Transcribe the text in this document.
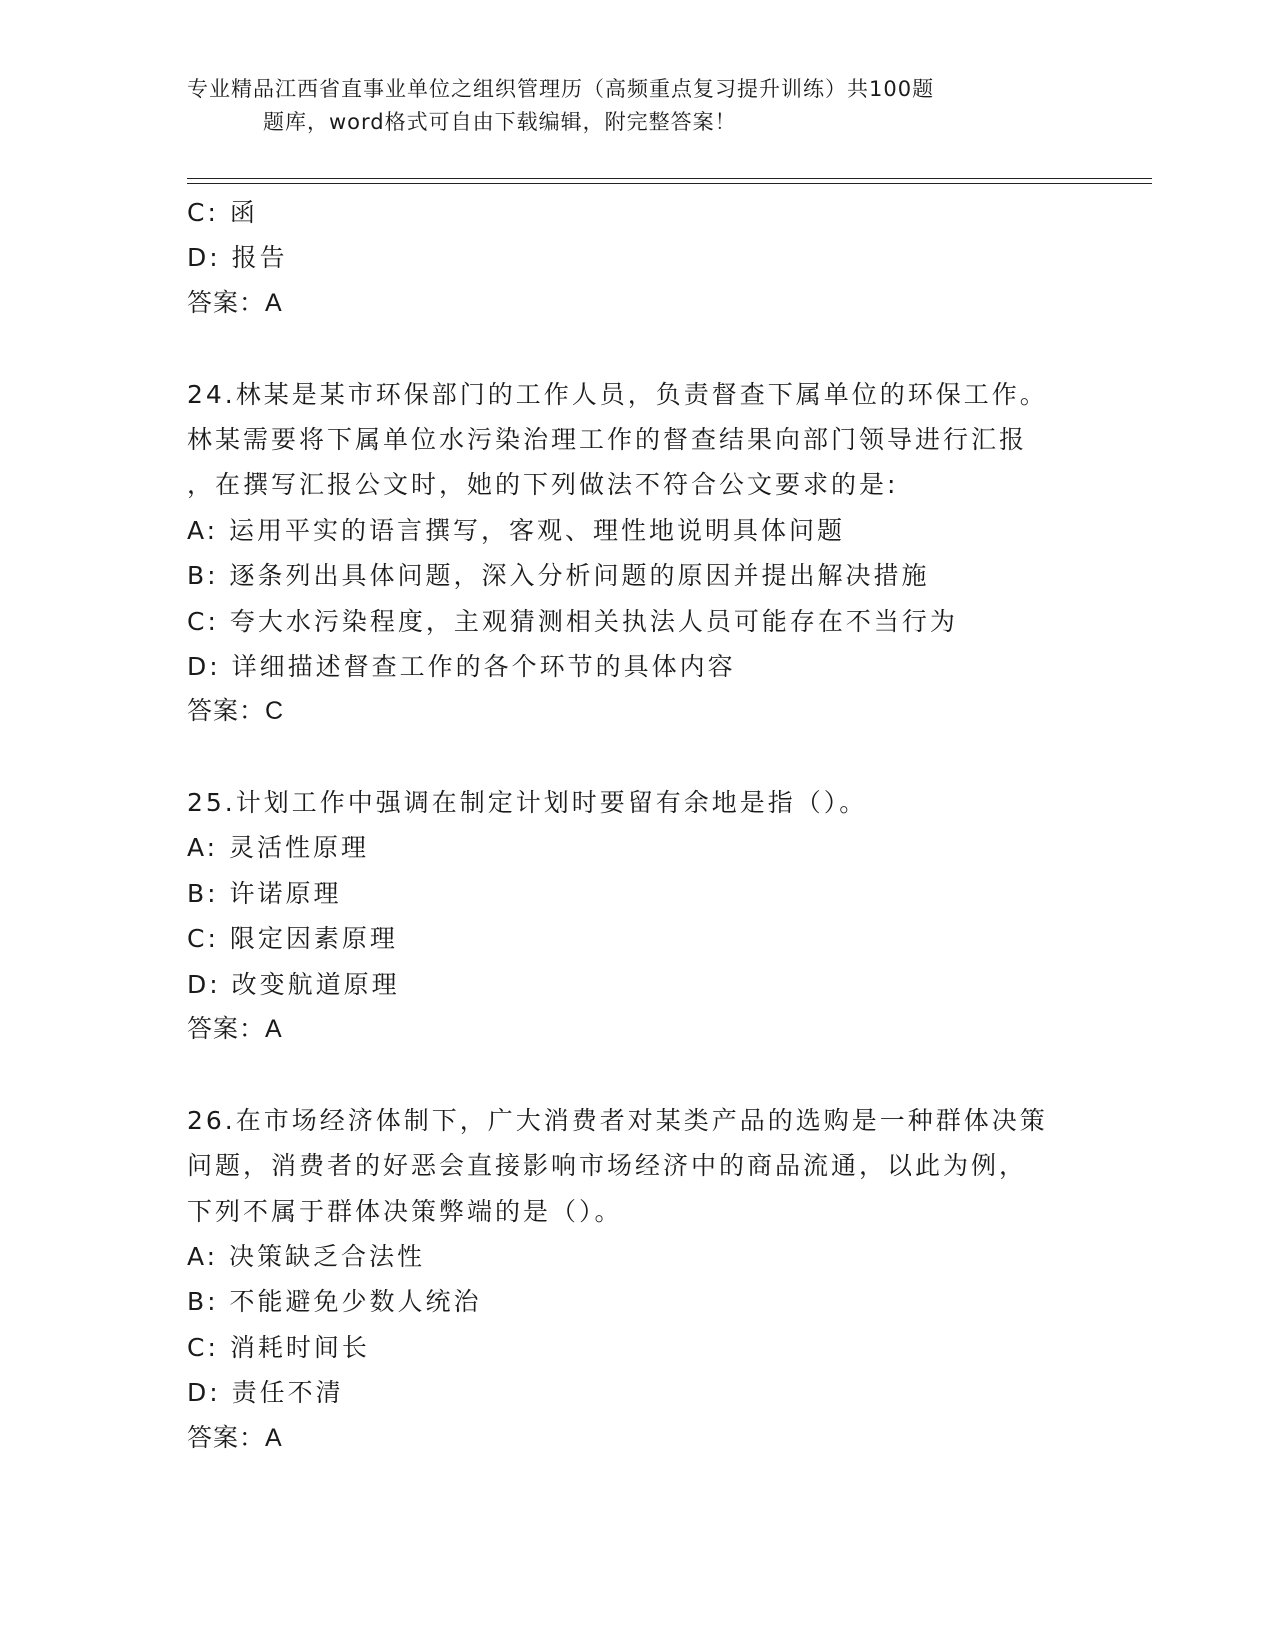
专业精品江西省直事业单位之组织管理历（高频重点复习提升训练）共100题
题库，word格式可自由下载编辑，附完整答案！
C: 函
D: 报告
答案：A
24.林某是某市环保部门的工作人员，负责督查下属单位的环保工作。
林某需要将下属单位水污染治理工作的督查结果向部门领导进行汇报
，在撰写汇报公文时，她的下列做法不符合公文要求的是:
A: 运用平实的语言撰写，客观、理性地说明具体问题
B: 逐条列出具体问题，深入分析问题的原因并提出解决措施
C: 夸大水污染程度，主观猜测相关执法人员可能存在不当行为
D: 详细描述督查工作的各个环节的具体内容
答案：C
25.计划工作中强调在制定计划时要留有余地是指（）。
A: 灵活性原理
B: 许诺原理
C: 限定因素原理
D: 改变航道原理
答案：A
26.在市场经济体制下，广大消费者对某类产品的选购是一种群体决策
问题，消费者的好恶会直接影响市场经济中的商品流通，以此为例，
下列不属于群体决策弊端的是（）。
A: 决策缺乏合法性
B: 不能避免少数人统治
C: 消耗时间长
D: 责任不清
答案：A
